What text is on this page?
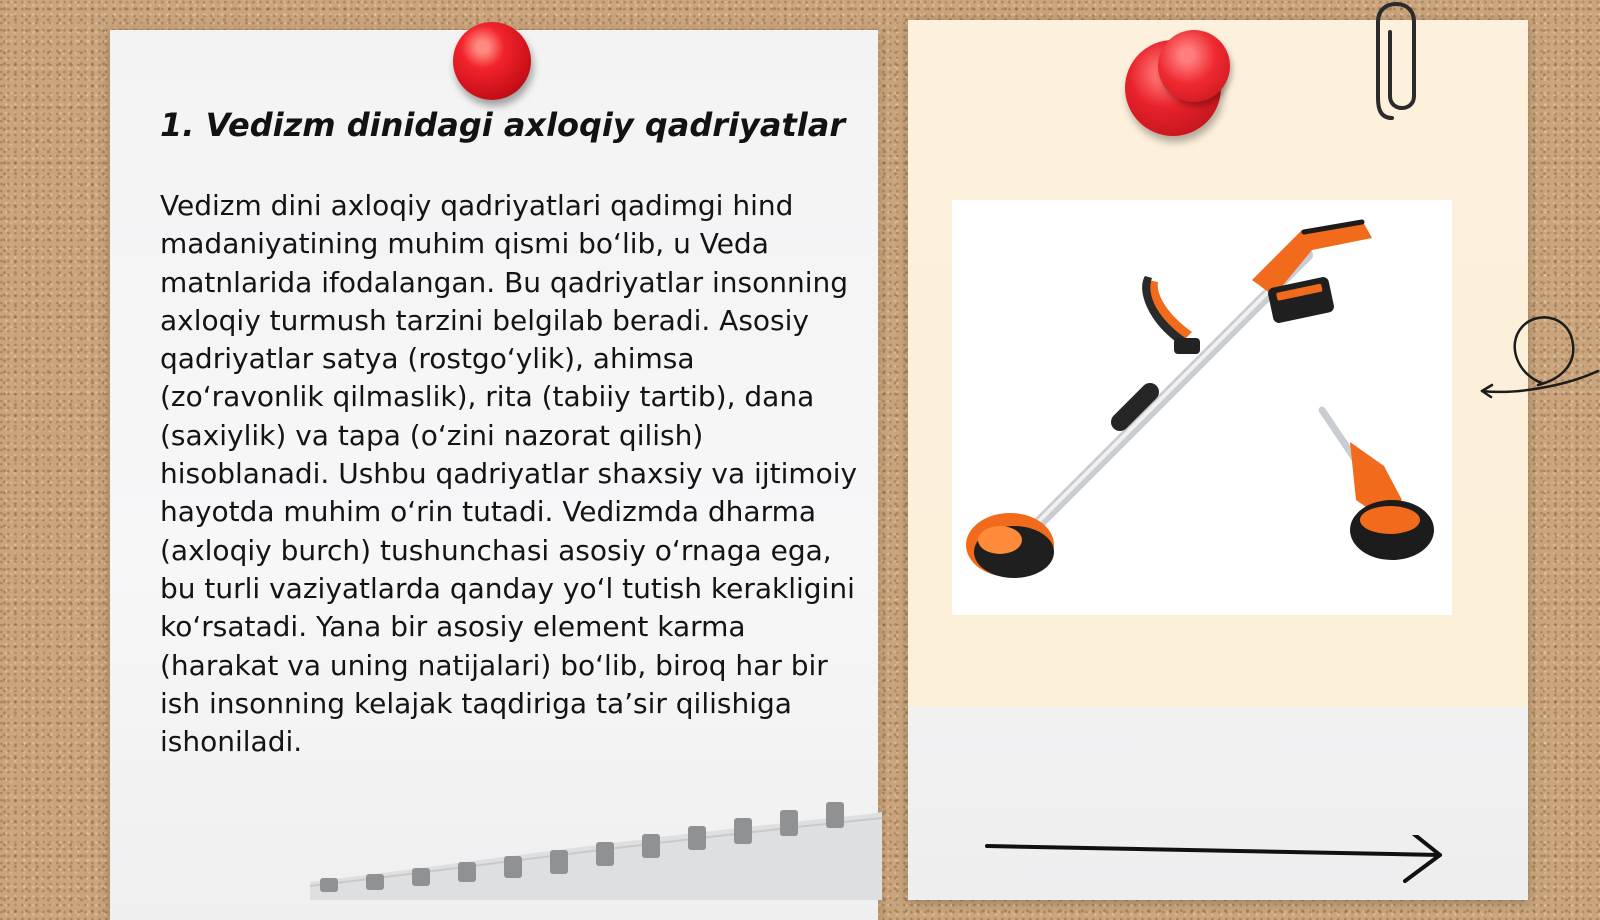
1. Vedizm dinidagi axloqiy qadriyatlar

Vedizm dini axloqiy qadriyatlari qadimgi hind madaniyatining muhim qismi bo‘lib, u Veda matnlarida ifodalangan. Bu qadriyatlar insonning axloqiy turmush tarzini belgilab beradi. Asosiy qadriyatlar satya (rostgo‘ylik), ahimsa (zo‘ravonlik qilmaslik), rita (tabiiy tartib), dana (saxiylik) va tapa (o‘zini nazorat qilish) hisoblanadi. Ushbu qadriyatlar shaxsiy va ijtimoiy hayotda muhim o‘rin tutadi. Vedizmda dharma (axloqiy burch) tushunchasi asosiy o‘rnaga ega, bu turli vaziyatlarda qanday yo‘l tutish kerakligini ko‘rsatadi. Yana bir asosiy element karma (harakat va uning natijalari) bo‘lib, biroq har bir ish insonning kelajak taqdiriga ta’sir qilishiga ishoniladi.
